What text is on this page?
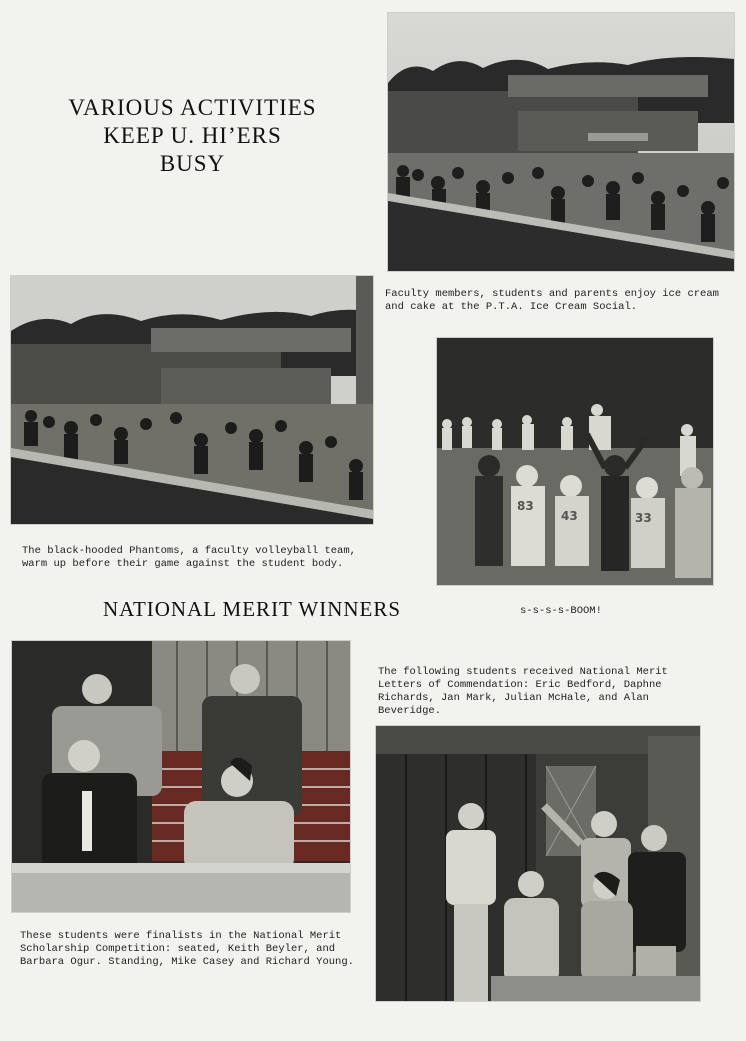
VARIOUS ACTIVITIES
KEEP U. HI’ERS
BUSY
Faculty members, students and parents enjoy ice cream and cake at the P.T.A. Ice Cream Social.
The black-hooded Phantoms, a faculty volleyball team, warm up before their game against the student body.
83
43	33
NATIONAL MERIT WINNERS	s-s-s-s-BOOM!
These students were finalists in the National Merit Scholarship Competition: seated, Keith Beyler, and Barbara Ogur. Standing, Mike Casey and Richard Young.
The following students received National Merit Letters of Commendation: Eric Bedford, Daphne Richards, Jan Mark, Julian McHale, and Alan Beveridge.
